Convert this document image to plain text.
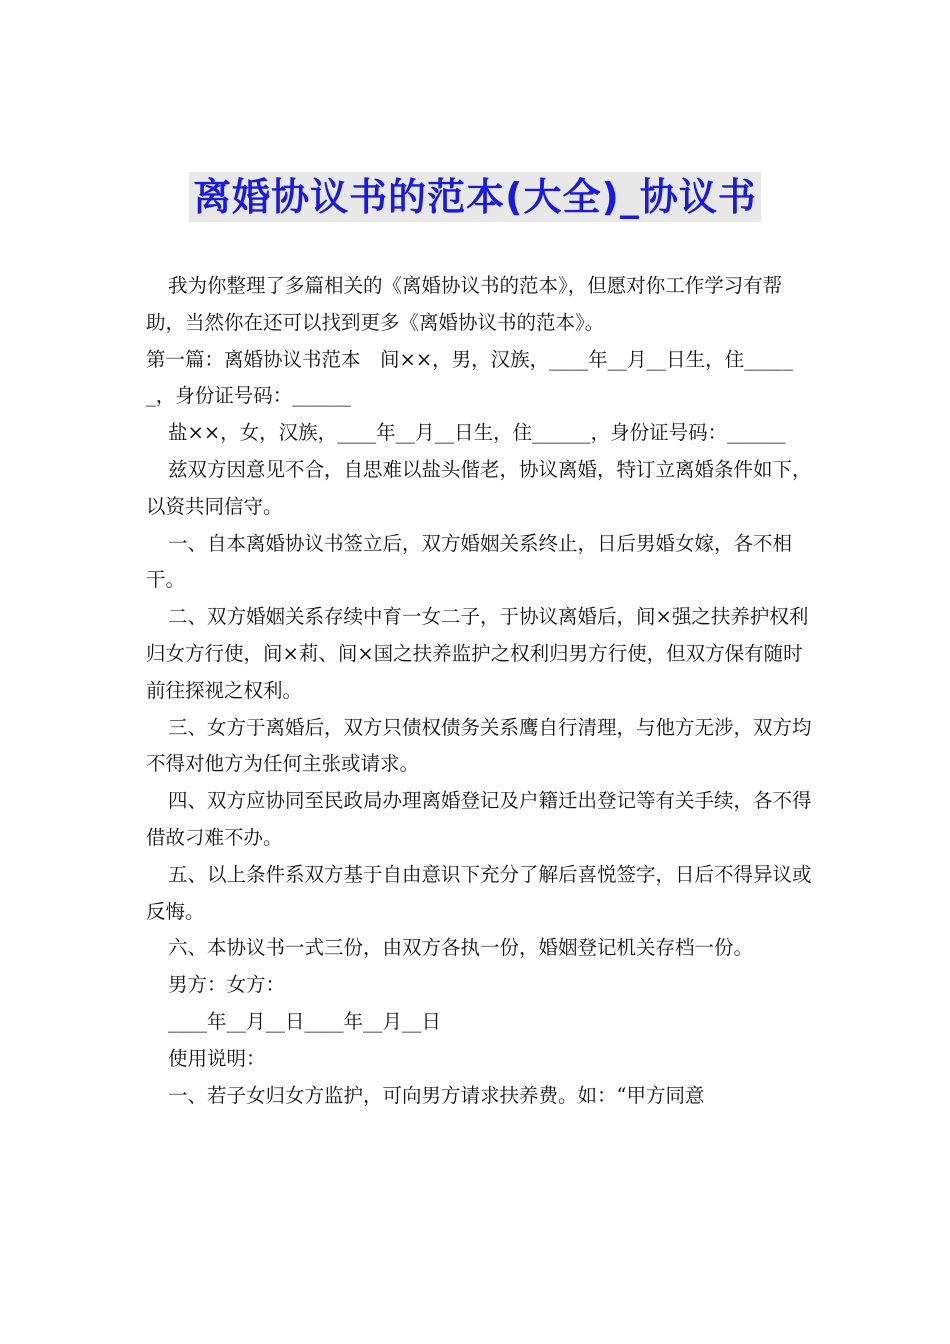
离婚协议书的范本(大全)_协议书

我为你整理了多篇相关的《离婚协议书的范本》，但愿对你工作学习有帮助，当然你在还可以找到更多《离婚协议书的范本》。

第一篇：离婚协议书范本　间××，男，汉族，____年__月__日生，住______，身份证号码：______

盐××，女，汉族，____年__月__日生，住______，身份证号码：______

兹双方因意见不合，自思难以盐头偕老，协议离婚，特订立离婚条件如下，以资共同信守。

一、自本离婚协议书签立后，双方婚姻关系终止，日后男婚女嫁，各不相干。

二、双方婚姻关系存续中育一女二子，于协议离婚后，间×强之扶养护权利归女方行使，间×莉、间×国之扶养监护之权利归男方行使，但双方保有随时前往探视之权利。

三、女方于离婚后，双方只债权债务关系鹰自行清理，与他方无涉，双方均不得对他方为任何主张或请求。

四、双方应协同至民政局办理离婚登记及户籍迁出登记等有关手续，各不得借故刁难不办。

五、以上条件系双方基于自由意识下充分了解后喜悦签字，日后不得异议或反悔。

六、本协议书一式三份，由双方各执一份，婚姻登记机关存档一份。

男方：女方：

____年__月__日____年__月__日

使用说明：

一、若子女归女方监护，可向男方请求扶养费。如：“甲方同意
